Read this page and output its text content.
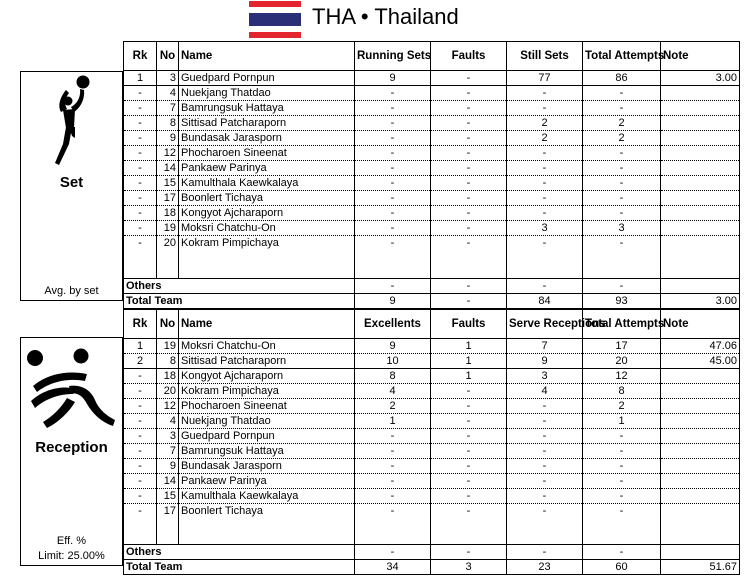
THA • Thailand
Set
Avg. by set
Rk	No	Name	Running Sets	Faults	Still Sets	Total Attempts	Note
1	3	Guedpard Pornpun	9	-	77	86	3.00
-	4	Nuekjang Thatdao	-	-	-	-	
-	7	Bamrungsuk Hattaya	-	-	-	-	
-	8	Sittisad Patcharaporn	-	-	2	2	
-	9	Bundasak Jarasporn	-	-	2	2	
-	12	Phocharoen Sineenat	-	-	-	-	
-	14	Pankaew Parinya	-	-	-	-	
-	15	Kamulthala Kaewkalaya	-	-	-	-	
-	17	Boonlert Tichaya	-	-	-	-	
-	18	Kongyot Ajcharaporn	-	-	-	-	
-	19	Moksri Chatchu-On	-	-	3	3	
-	20	Kokram Pimpichaya	-	-	-	-	

Others			-	-	-	-	
Total Team			9	-	84	93	3.00
Reception
Eff. %
Limit: 25.00%
Rk	No	Name	Excellents	Faults	Serve Receptions	Total Attempts	Note
1	19	Moksri Chatchu-On	9	1	7	17	47.06
2	8	Sittisad Patcharaporn	10	1	9	20	45.00
-	18	Kongyot Ajcharaporn	8	1	3	12	
-	20	Kokram Pimpichaya	4	-	4	8	
-	12	Phocharoen Sineenat	2	-	-	2	
-	4	Nuekjang Thatdao	1	-	-	1	
-	3	Guedpard Pornpun	-	-	-	-	
-	7	Bamrungsuk Hattaya	-	-	-	-	
-	9	Bundasak Jarasporn	-	-	-	-	
-	14	Pankaew Parinya	-	-	-	-	
-	15	Kamulthala Kaewkalaya	-	-	-	-	
-	17	Boonlert Tichaya	-	-	-	-	

Others			-	-	-	-	
Total Team			34	3	23	60	51.67
